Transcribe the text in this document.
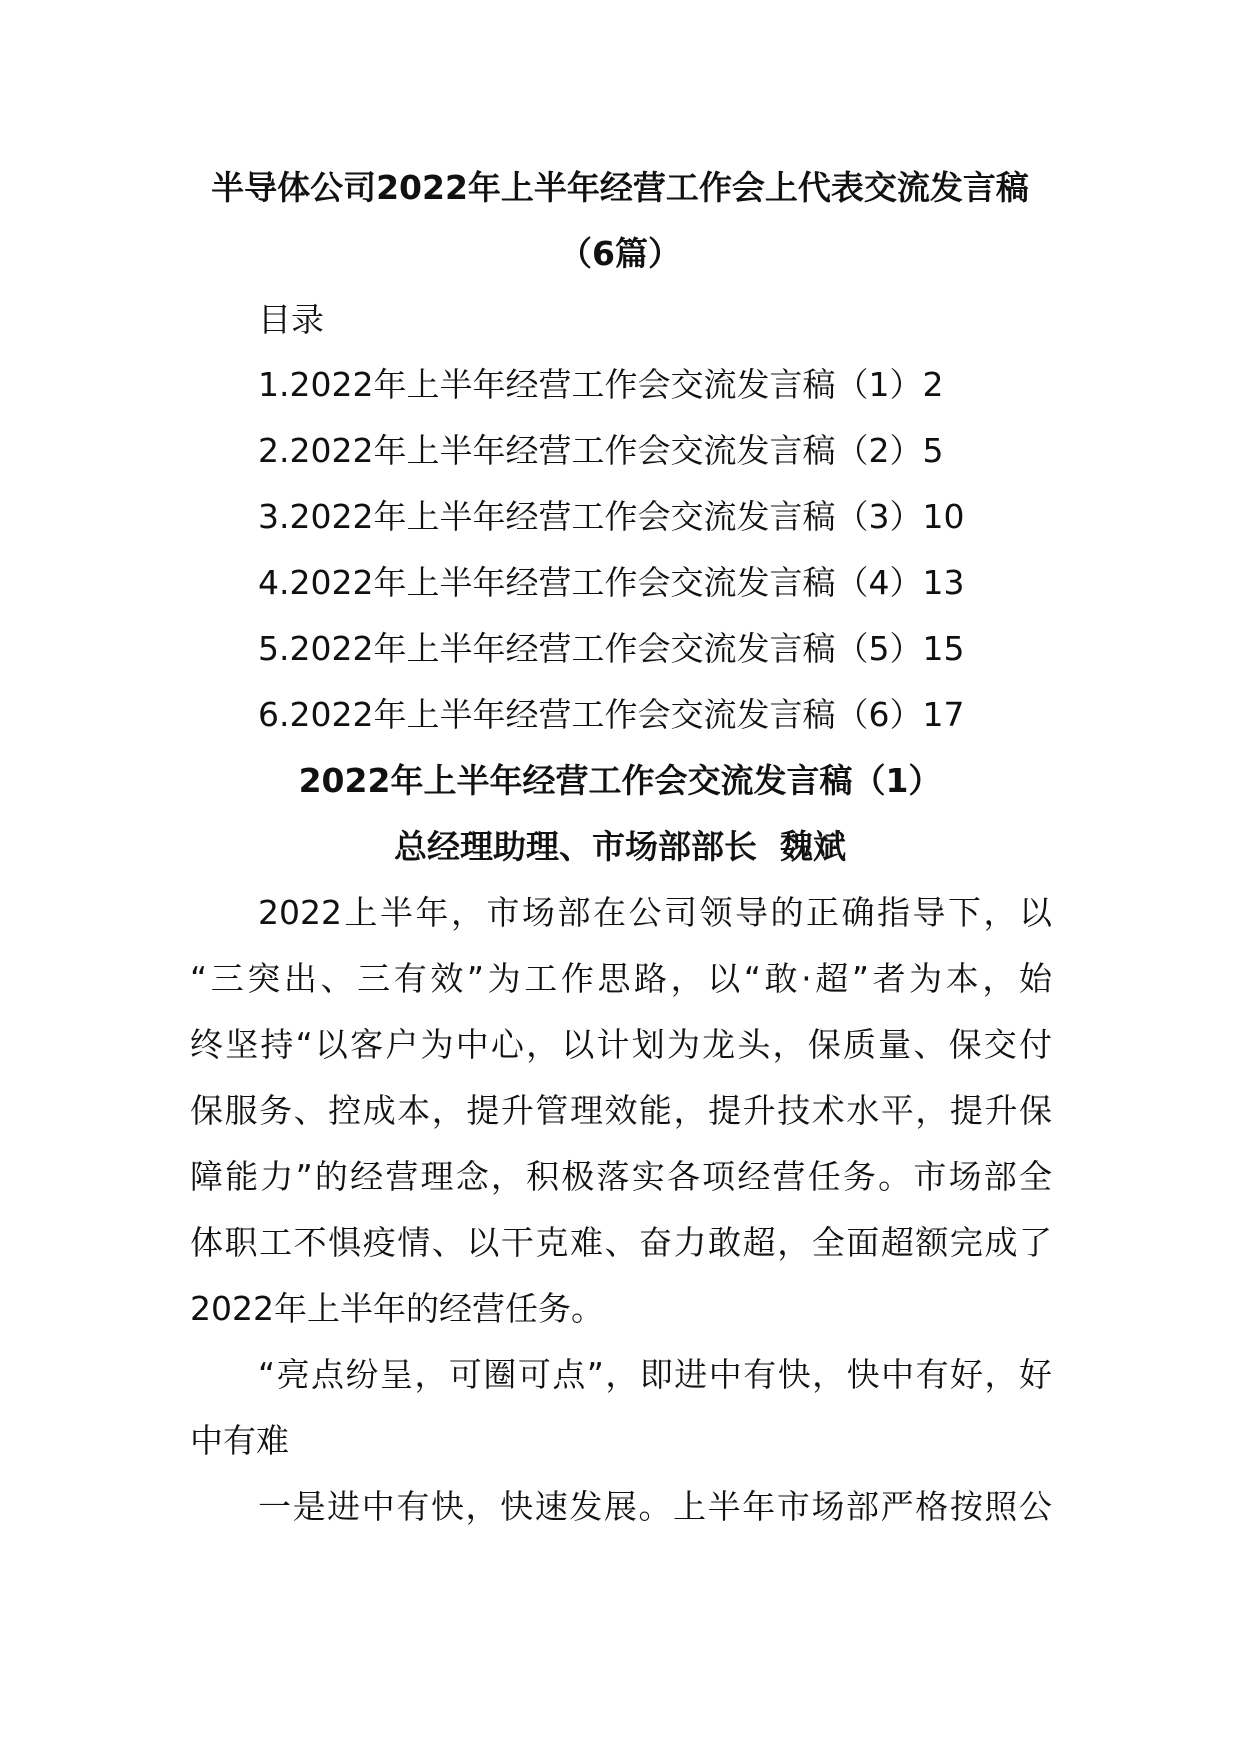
半导体公司2022年上半年经营工作会上代表交流发言稿
（6篇）
目录
1.2022年上半年经营工作会交流发言稿（1）2
2.2022年上半年经营工作会交流发言稿（2）5
3.2022年上半年经营工作会交流发言稿（3）10
4.2022年上半年经营工作会交流发言稿（4）13
5.2022年上半年经营工作会交流发言稿（5）15
6.2022年上半年经营工作会交流发言稿（6）17
2022年上半年经营工作会交流发言稿（1）
总经理助理、市场部部长  魏斌
2022上半年，市场部在公司领导的正确指导下，以
“三突出、三有效”为工作思路，以“敢·超”者为本，始
终坚持“以客户为中心，以计划为龙头，保质量、保交付
保服务、控成本，提升管理效能，提升技术水平，提升保
障能力”的经营理念，积极落实各项经营任务。市场部全
体职工不惧疫情、以干克难、奋力敢超，全面超额完成了
2022年上半年的经营任务。
“亮点纷呈，可圈可点”，即进中有快，快中有好，好
中有难
一是进中有快，快速发展。上半年市场部严格按照公
